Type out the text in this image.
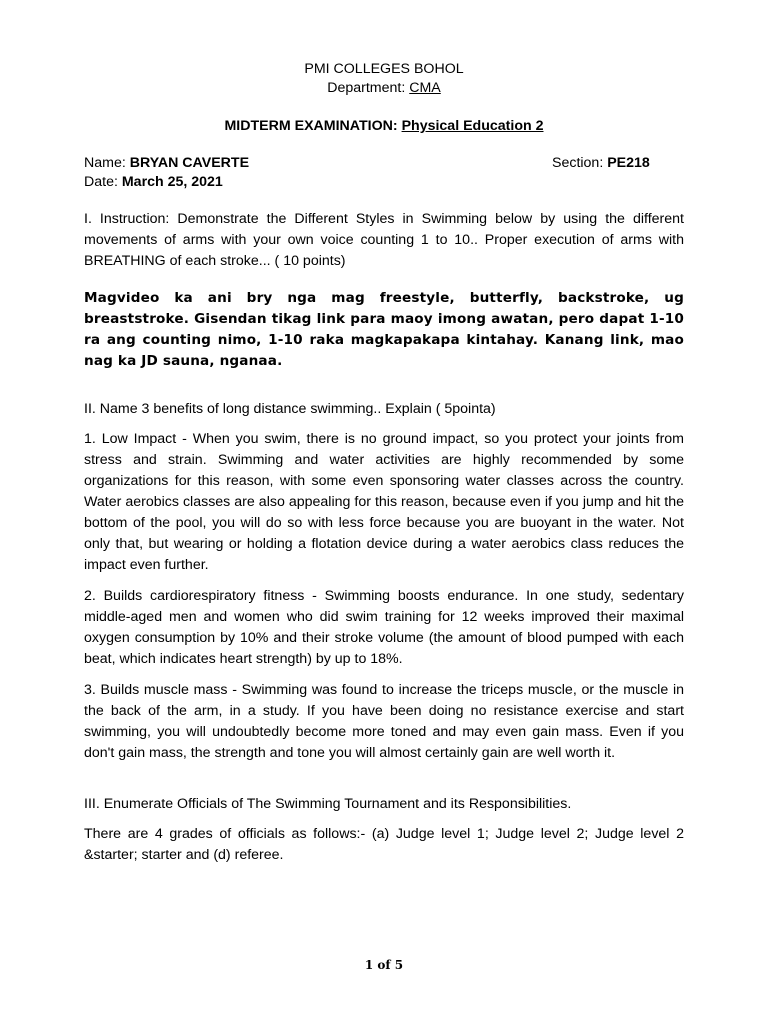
PMI COLLEGES BOHOL
Department: CMA
MIDTERM EXAMINATION: Physical Education 2
Name: BRYAN CAVERTE	Section: PE218
Date: March 25, 2021

I. Instruction: Demonstrate the Different Styles in Swimming below by using the different movements of arms with your own voice counting 1 to 10.. Proper execution of arms with BREATHING of each stroke... ( 10 points)

Magvideo ka ani bry nga mag freestyle, butterfly, backstroke, ug breaststroke. Gisendan tikag link para maoy imong awatan, pero dapat 1-10 ra ang counting nimo, 1-10 raka magkapakapa kintahay. Kanang link, mao nag ka JD sauna, nganaa.

II. Name 3 benefits of long distance swimming.. Explain ( 5pointa)

1. Low Impact - When you swim, there is no ground impact, so you protect your joints from stress and strain. Swimming and water activities are highly recommended by some organizations for this reason, with some even sponsoring water classes across the country. Water aerobics classes are also appealing for this reason, because even if you jump and hit the bottom of the pool, you will do so with less force because you are buoyant in the water. Not only that, but wearing or holding a flotation device during a water aerobics class reduces the impact even further.

2. Builds cardiorespiratory fitness - Swimming boosts endurance. In one study, sedentary middle-aged men and women who did swim training for 12 weeks improved their maximal oxygen consumption by 10% and their stroke volume (the amount of blood pumped with each beat, which indicates heart strength) by up to 18%.

3. Builds muscle mass - Swimming was found to increase the triceps muscle, or the muscle in the back of the arm, in a study. If you have been doing no resistance exercise and start swimming, you will undoubtedly become more toned and may even gain mass. Even if you don't gain mass, the strength and tone you will almost certainly gain are well worth it.

III. Enumerate Officials of The Swimming Tournament and its Responsibilities.

There are 4 grades of officials as follows:- (a) Judge level 1; Judge level 2; Judge level 2 &starter; starter and (d) referee.

1 of 5
